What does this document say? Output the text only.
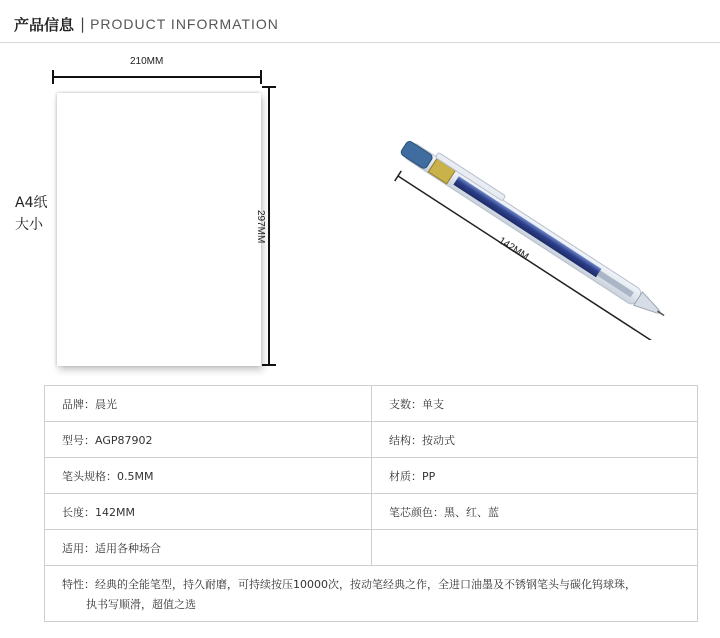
产品信息 | PRODUCT INFORMATION
210MM
297MM
A4纸
大小
142MM
品牌：晨光	支数：单支
型号：AGP87902	结构：按动式
笔头规格：0.5MM	材质：PP
长度：142MM	笔芯颜色：黑、红、蓝
适用：适用各种场合	

特性：经典的全能笔型，持久耐磨，可持续按压10000次，按动笔经典之作，全进口油墨及不锈钢笔头与碳化钨球珠，
执书写顺滑，超值之选	
